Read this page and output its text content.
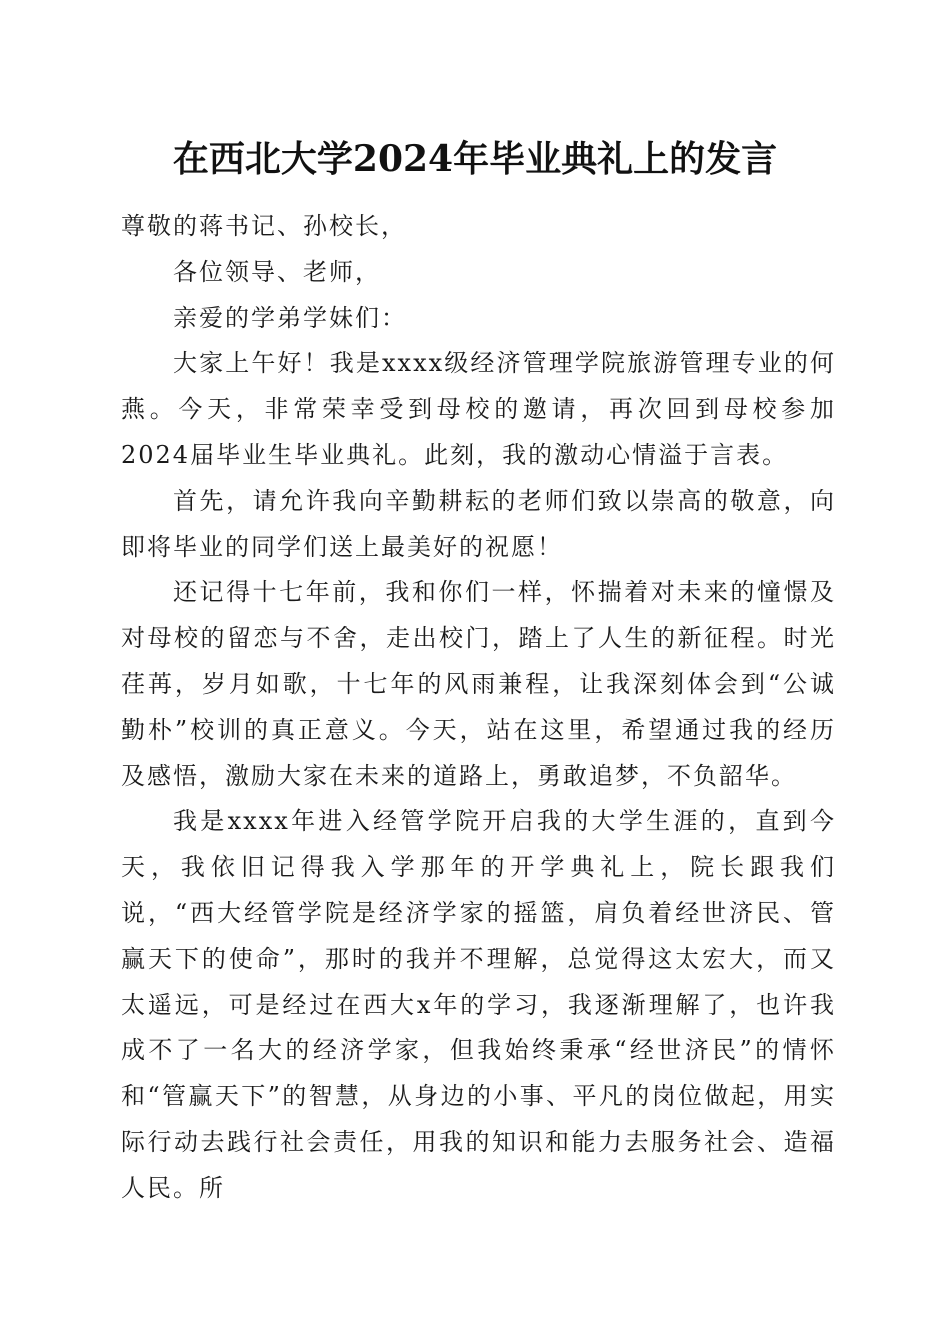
在西北大学2024年毕业典礼上的发言

尊敬的蒋书记、孙校长，

各位领导、老师，

亲爱的学弟学妹们：

大家上午好！我是xxxx级经济管理学院旅游管理专业的何燕。今天，非常荣幸受到母校的邀请，再次回到母校参加2024届毕业生毕业典礼。此刻，我的激动心情溢于言表。

首先，请允许我向辛勤耕耘的老师们致以崇高的敬意，向即将毕业的同学们送上最美好的祝愿！

还记得十七年前，我和你们一样，怀揣着对未来的憧憬及对母校的留恋与不舍，走出校门，踏上了人生的新征程。时光荏苒，岁月如歌，十七年的风雨兼程，让我深刻体会到“公诚勤朴”校训的真正意义。今天，站在这里，希望通过我的经历及感悟，激励大家在未来的道路上，勇敢追梦，不负韶华。

我是xxxx年进入经管学院开启我的大学生涯的，直到今天，我依旧记得我入学那年的开学典礼上，院长跟我们说，“西大经管学院是经济学家的摇篮，肩负着经世济民、管赢天下的使命”，那时的我并不理解，总觉得这太宏大，而又太遥远，可是经过在西大x年的学习，我逐渐理解了，也许我成不了一名大的经济学家，但我始终秉承“经世济民”的情怀和“管赢天下”的智慧，从身边的小事、平凡的岗位做起，用实际行动去践行社会责任，用我的知识和能力去服务社会、造福人民。所
